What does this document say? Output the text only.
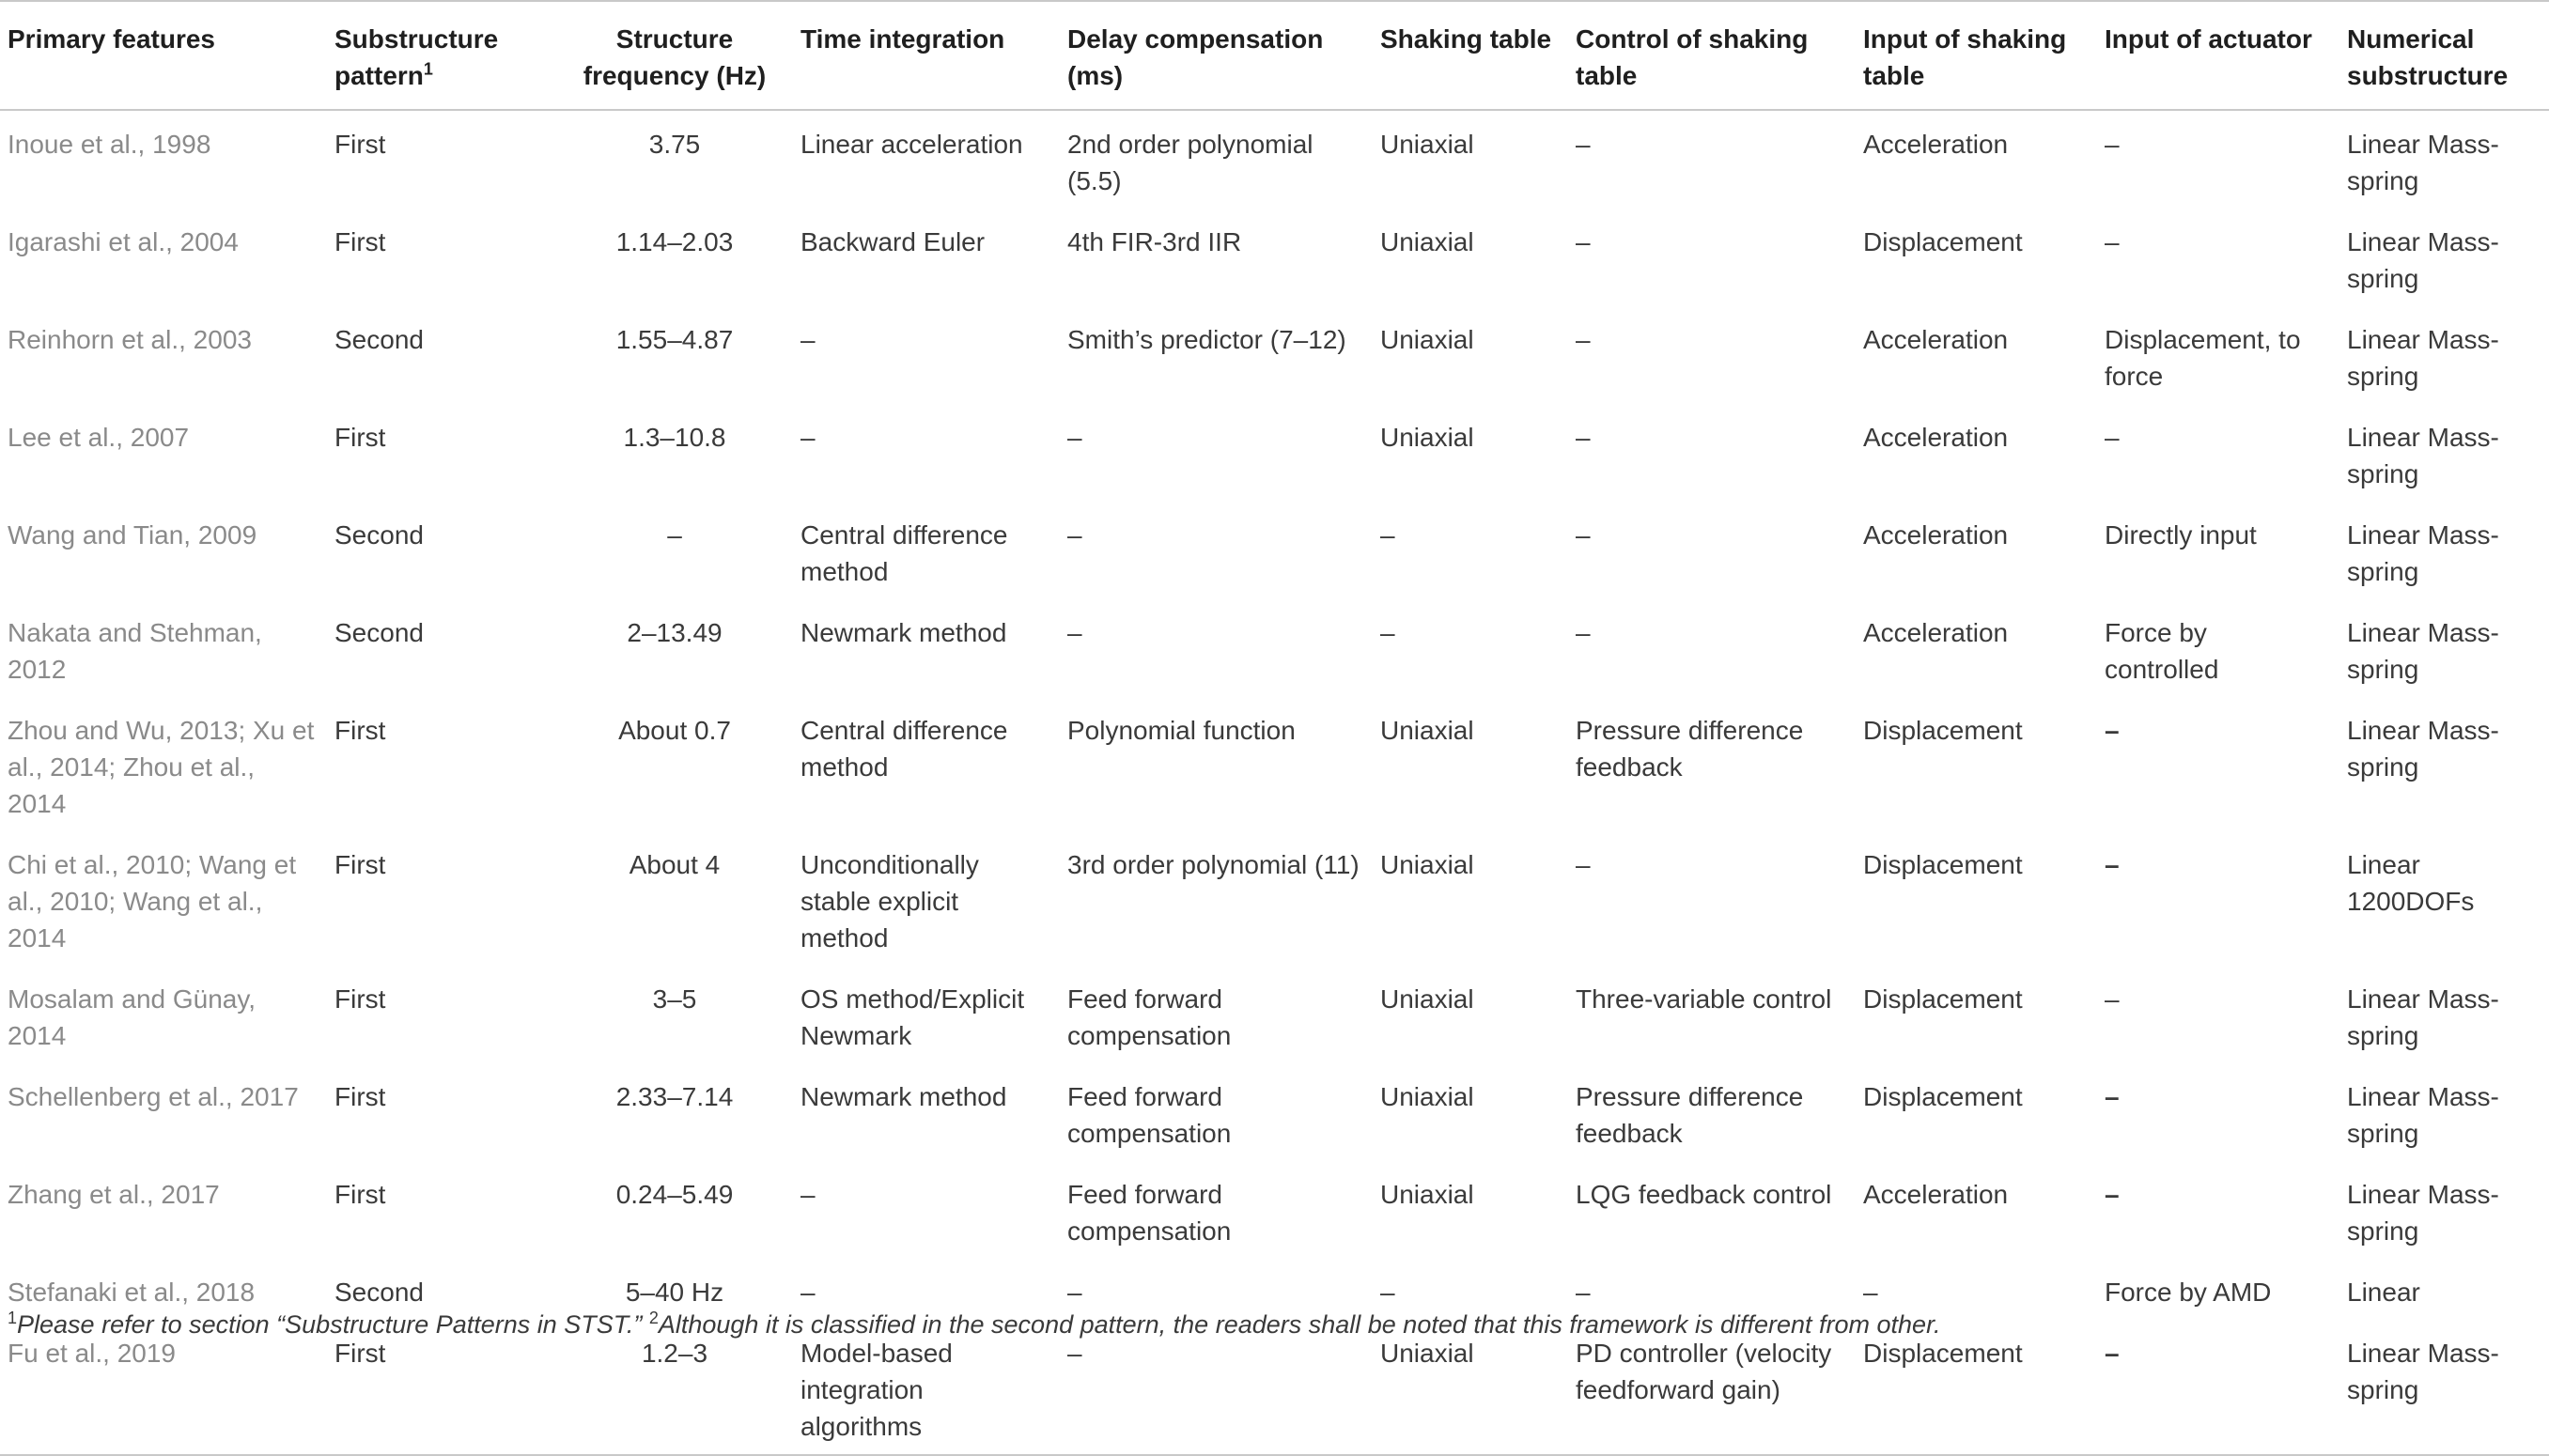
Primary features	Substructure pattern$^1$	Structure frequency (Hz)	Time integration	Delay compensation (ms)	Shaking table	Control of shaking table	Input of shaking table	Input of actuator	Numerical substructure
Inoue et al., 1998	First	3.75	Linear acceleration	2nd order polynomial (5.5)	Uniaxial	–	Acceleration	–	Linear Mass-spring
Igarashi et al., 2004	First	1.14–2.03	Backward Euler	4th FIR-3rd IIR	Uniaxial	–	Displacement	–	Linear Mass-spring
Reinhorn et al., 2003	Second	1.55–4.87	–	Smith’s predictor (7–12)	Uniaxial	–	Acceleration	Displacement, to force	Linear Mass-spring
Lee et al., 2007	First	1.3–10.8	–	–	Uniaxial	–	Acceleration	–	Linear Mass-spring
Wang and Tian, 2009	Second	–	Central difference method	–	–	–	Acceleration	Directly input	Linear Mass-spring
Nakata and Stehman, 2012	Second	2–13.49	Newmark method	–	–	–	Acceleration	Force by controlled	Linear Mass-spring
Zhou and Wu, 2013; Xu et al., 2014; Zhou et al., 2014	First	About 0.7	Central difference method	Polynomial function	Uniaxial	Pressure difference feedback	Displacement	–	Linear Mass-spring
Chi et al., 2010; Wang et al., 2010; Wang et al., 2014	First	About 4	Unconditionally stable explicit method	3rd order polynomial (11)	Uniaxial	–	Displacement	–	Linear 1200DOFs
Mosalam and Günay, 2014	First	3–5	OS method/Explicit Newmark	Feed forward compensation	Uniaxial	Three-variable control	Displacement	–	Linear Mass-spring
Schellenberg et al., 2017	First	2.33–7.14	Newmark method	Feed forward compensation	Uniaxial	Pressure difference feedback	Displacement	–	Linear Mass-spring
Zhang et al., 2017	First	0.24–5.49	–	Feed forward compensation	Uniaxial	LQG feedback control	Acceleration	–	Linear Mass-spring
Stefanaki et al., 2018	Second	5–40 Hz	–	–	–	–	–	Force by AMD	Linear
Fu et al., 2019	First	1.2–3	Model-based integration algorithms	–	Uniaxial	PD controller (velocity feedforward gain)	Displacement	–	Linear Mass-spring
$^1$Please refer to section “Substructure Patterns in STST.” $^2$Although it is classified in the second pattern, the readers shall be noted that this framework is different from other.
